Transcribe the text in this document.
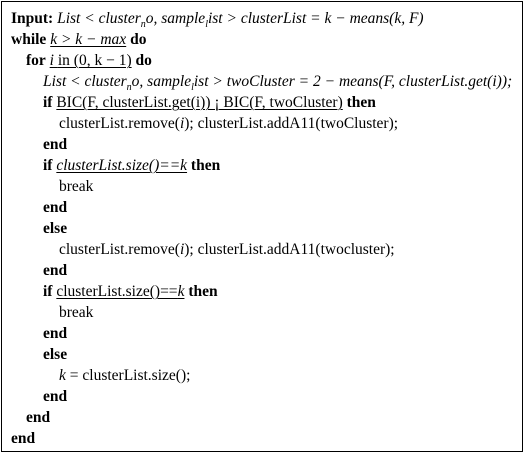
Input: List < cluster$_n$o, sample$_l$ist > clusterList = k − means(k, F)
while k > k − max do
for i in (0, k − 1) do
List < cluster$_n$o, sample$_l$ist > twoCluster = 2 − means(F, clusterList.get(i));
if BIC(F, clusterList.get(i)) ¡ BIC(F, twoCluster) then
clusterList.remove(i); clusterList.addA11(twoCluster);
end
if clusterList.size()==k then
break
end
else
clusterList.remove(i); clusterList.addA11(twocluster);
end
if clusterList.size()==k then
break
end
else
k = clusterList.size();
end
end
end
